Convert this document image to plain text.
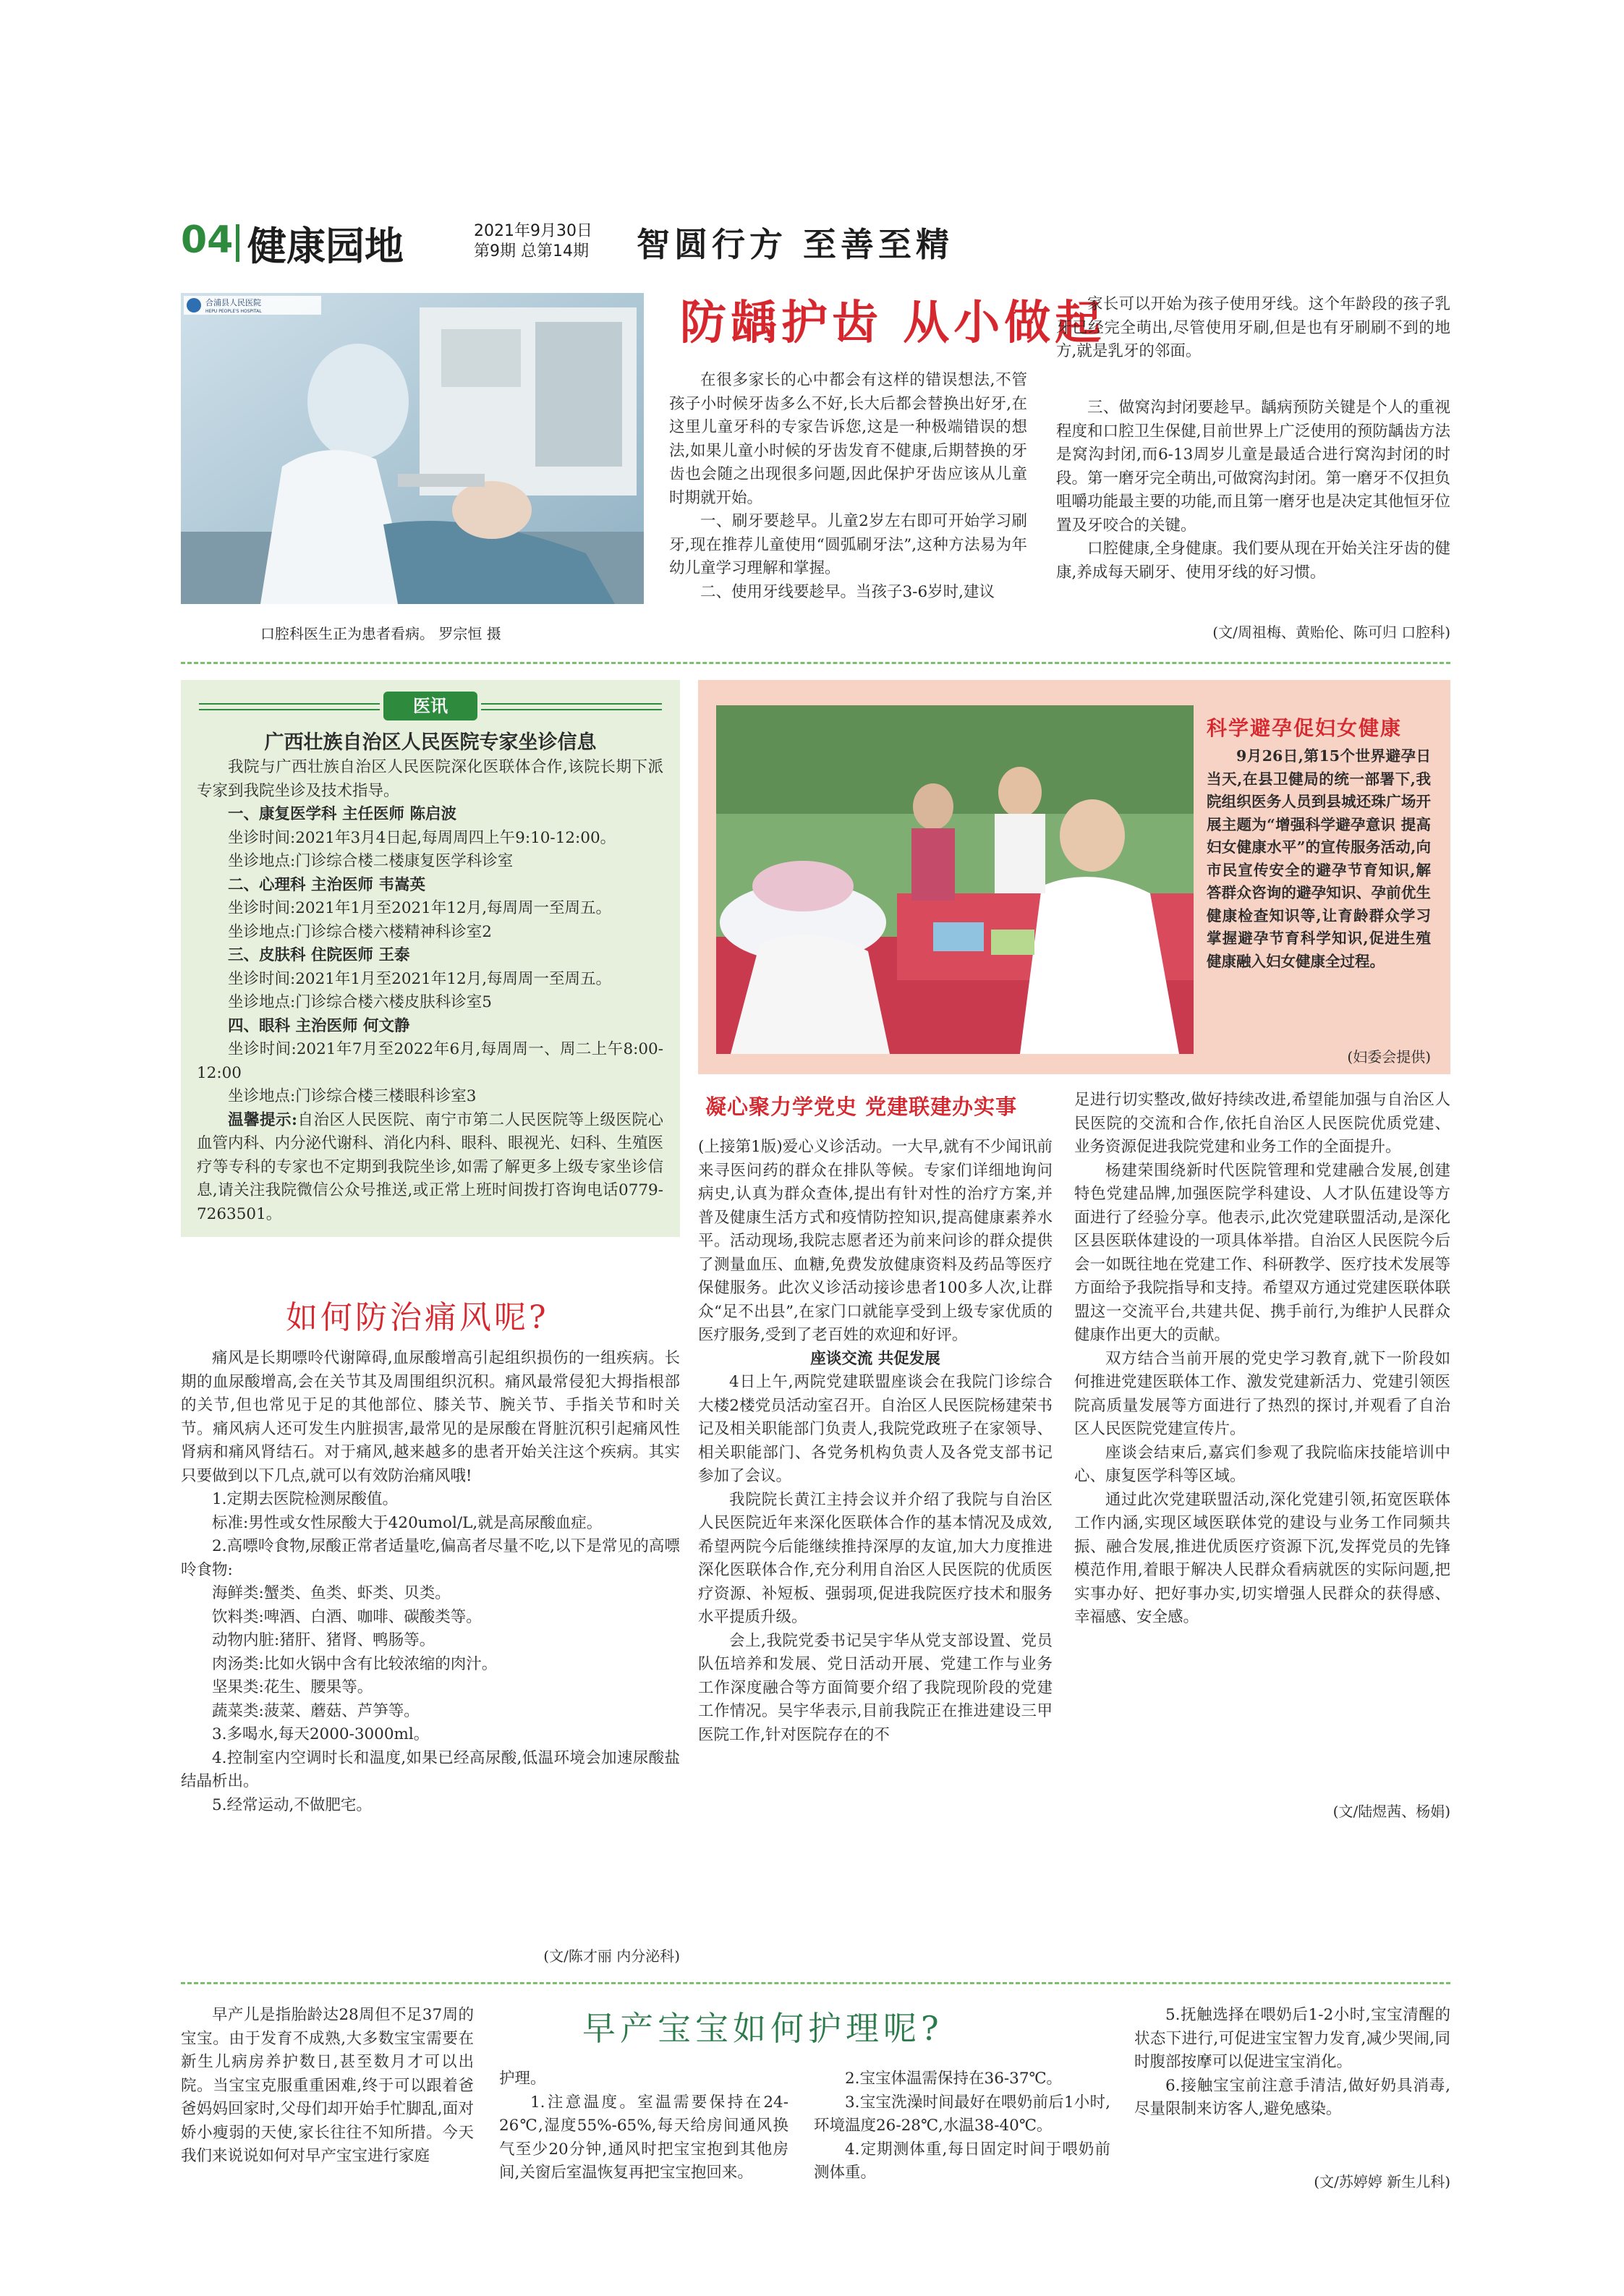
04 健康园地	2021年9月30日
第9期 总第14期 智圆行方 至善至精
合浦县人民医院
HEPU PEOPLE'S HOSPITAL
口腔科医生正为患者看病。 罗宗恒 摄
防龋护齿 从小做起

在很多家长的心中都会有这样的错误想法,不管孩子小时候牙齿多么不好,长大后都会替换出好牙,在这里儿童牙科的专家告诉您,这是一种极端错误的想法,如果儿童小时候的牙齿发育不健康,后期替换的牙齿也会随之出现很多问题,因此保护牙齿应该从儿童时期就开始。

一、刷牙要趁早。儿童2岁左右即可开始学习刷牙,现在推荐儿童使用“圆弧刷牙法”,这种方法易为年幼儿童学习理解和掌握。

二、使用牙线要趁早。当孩子3-6岁时,建议

家长可以开始为孩子使用牙线。这个年龄段的孩子乳牙已经完全萌出,尽管使用牙刷,但是也有牙刷刷不到的地方,就是乳牙的邻面。

三、做窝沟封闭要趁早。龋病预防关键是个人的重视程度和口腔卫生保健,目前世界上广泛使用的预防龋齿方法是窝沟封闭,而6-13周岁儿童是最适合进行窝沟封闭的时段。第一磨牙完全萌出,可做窝沟封闭。第一磨牙不仅担负咀嚼功能最主要的功能,而且第一磨牙也是决定其他恒牙位置及牙咬合的关键。

口腔健康,全身健康。我们要从现在开始关注牙齿的健康,养成每天刷牙、使用牙线的好习惯。

(文/周祖梅、黄贻伦、陈可归 口腔科)
医讯
广西壮族自治区人民医院专家坐诊信息

我院与广西壮族自治区人民医院深化医联体合作,该院长期下派专家到我院坐诊及技术指导。

一、康复医学科 主任医师 陈启波

坐诊时间:2021年3月4日起,每周周四上午9:10-12:00。

坐诊地点:门诊综合楼二楼康复医学科诊室

二、心理科 主治医师 韦嵩英

坐诊时间:2021年1月至2021年12月,每周周一至周五。

坐诊地点:门诊综合楼六楼精神科诊室2

三、皮肤科 住院医师 王泰

坐诊时间:2021年1月至2021年12月,每周周一至周五。

坐诊地点:门诊综合楼六楼皮肤科诊室5

四、眼科 主治医师 何文静

坐诊时间:2021年7月至2022年6月,每周周一、周二上午8:00-12:00

坐诊地点:门诊综合楼三楼眼科诊室3

温馨提示:自治区人民医院、南宁市第二人民医院等上级医院心血管内科、内分泌代谢科、消化内科、眼科、眼视光、妇科、生殖医疗等专科的专家也不定期到我院坐诊,如需了解更多上级专家坐诊信息,请关注我院微信公众号推送,或正常上班时间拨打咨询电话0779-7263501。

科学避孕促妇女健康

9月26日,第15个世界避孕日当天,在县卫健局的统一部署下,我院组织医务人员到县城还珠广场开展主题为“增强科学避孕意识 提高妇女健康水平”的宣传服务活动,向市民宣传安全的避孕节育知识,解答群众咨询的避孕知识、孕前优生健康检查知识等,让育龄群众学习掌握避孕节育科学知识,促进生殖健康融入妇女健康全过程。

(妇委会提供)
如何防治痛风呢?

痛风是长期嘌呤代谢障碍,血尿酸增高引起组织损伤的一组疾病。长期的血尿酸增高,会在关节其及周围组织沉积。痛风最常侵犯大拇指根部的关节,但也常见于足的其他部位、膝关节、腕关节、手指关节和时关节。痛风病人还可发生内脏损害,最常见的是尿酸在肾脏沉积引起痛风性肾病和痛风肾结石。对于痛风,越来越多的患者开始关注这个疾病。其实只要做到以下几点,就可以有效防治痛风哦!

1.定期去医院检测尿酸值。

标准:男性或女性尿酸大于420umol/L,就是高尿酸血症。

2.高嘌呤食物,尿酸正常者适量吃,偏高者尽量不吃,以下是常见的高嘌呤食物:

海鲜类:蟹类、鱼类、虾类、贝类。

饮料类:啤酒、白酒、咖啡、碳酸类等。

动物内脏:猪肝、猪肾、鸭肠等。

肉汤类:比如火锅中含有比较浓缩的肉汁。

坚果类:花生、腰果等。

蔬菜类:菠菜、蘑菇、芦笋等。

3.多喝水,每天2000-3000ml。

4.控制室内空调时长和温度,如果已经高尿酸,低温环境会加速尿酸盐结晶析出。

5.经常运动,不做肥宅。

(文/陈才丽 内分泌科)
凝心聚力学党史 党建联建办实事

(上接第1版)爱心义诊活动。一大早,就有不少闻讯前来寻医问药的群众在排队等候。专家们详细地询问病史,认真为群众查体,提出有针对性的治疗方案,并普及健康生活方式和疫情防控知识,提高健康素养水平。活动现场,我院志愿者还为前来问诊的群众提供了测量血压、血糖,免费发放健康资料及药品等医疗保健服务。此次义诊活动接诊患者100多人次,让群众“足不出县”,在家门口就能享受到上级专家优质的医疗服务,受到了老百姓的欢迎和好评。

座谈交流 共促发展

4日上午,两院党建联盟座谈会在我院门诊综合大楼2楼党员活动室召开。自治区人民医院杨建荣书记及相关职能部门负责人,我院党政班子在家领导、相关职能部门、各党务机构负责人及各党支部书记参加了会议。

我院院长黄江主持会议并介绍了我院与自治区人民医院近年来深化医联体合作的基本情况及成效,希望两院今后能继续推持深厚的友谊,加大力度推进深化医联体合作,充分利用自治区人民医院的优质医疗资源、补短板、强弱项,促进我院医疗技术和服务水平提质升级。

会上,我院党委书记吴宇华从党支部设置、党员队伍培养和发展、党日活动开展、党建工作与业务工作深度融合等方面简要介绍了我院现阶段的党建工作情况。吴宇华表示,目前我院正在推进建设三甲医院工作,针对医院存在的不

足进行切实整改,做好持续改进,希望能加强与自治区人民医院的交流和合作,依托自治区人民医院优质党建、业务资源促进我院党建和业务工作的全面提升。

杨建荣围绕新时代医院管理和党建融合发展,创建特色党建品牌,加强医院学科建设、人才队伍建设等方面进行了经验分享。他表示,此次党建联盟活动,是深化区县医联体建设的一项具体举措。自治区人民医院今后会一如既往地在党建工作、科研教学、医疗技术发展等方面给予我院指导和支持。希望双方通过党建医联体联盟这一交流平台,共建共促、携手前行,为维护人民群众健康作出更大的贡献。

双方结合当前开展的党史学习教育,就下一阶段如何推进党建医联体工作、激发党建新活力、党建引领医院高质量发展等方面进行了热烈的探讨,并观看了自治区人民医院党建宣传片。

座谈会结束后,嘉宾们参观了我院临床技能培训中心、康复医学科等区域。

通过此次党建联盟活动,深化党建引领,拓宽医联体工作内涵,实现区域医联体党的建设与业务工作同频共振、融合发展,推进优质医疗资源下沉,发挥党员的先锋模范作用,着眼于解决人民群众看病就医的实际问题,把实事办好、把好事办实,切实增强人民群众的获得感、幸福感、安全感。

(文/陆煜茜、杨娟)

早产儿是指胎龄达28周但不足37周的宝宝。由于发育不成熟,大多数宝宝需要在新生儿病房养护数日,甚至数月才可以出院。当宝宝克服重重困难,终于可以跟着爸爸妈妈回家时,父母们却开始手忙脚乱,面对娇小瘦弱的天使,家长往往不知所措。今天我们来说说如何对早产宝宝进行家庭

早产宝宝如何护理呢?

护理。

1.注意温度。室温需要保持在24-26℃,湿度55%-65%,每天给房间通风换气至少20分钟,通风时把宝宝抱到其他房间,关窗后室温恢复再把宝宝抱回来。

2.宝宝体温需保持在36-37℃。

3.宝宝洗澡时间最好在喂奶前后1小时,环境温度26-28℃,水温38-40℃。

4.定期测体重,每日固定时间于喂奶前测体重。

5.抚触选择在喂奶后1-2小时,宝宝清醒的状态下进行,可促进宝宝智力发育,减少哭闹,同时腹部按摩可以促进宝宝消化。

6.接触宝宝前注意手清洁,做好奶具消毒,尽量限制来访客人,避免感染。

(文/苏婷婷 新生儿科)
